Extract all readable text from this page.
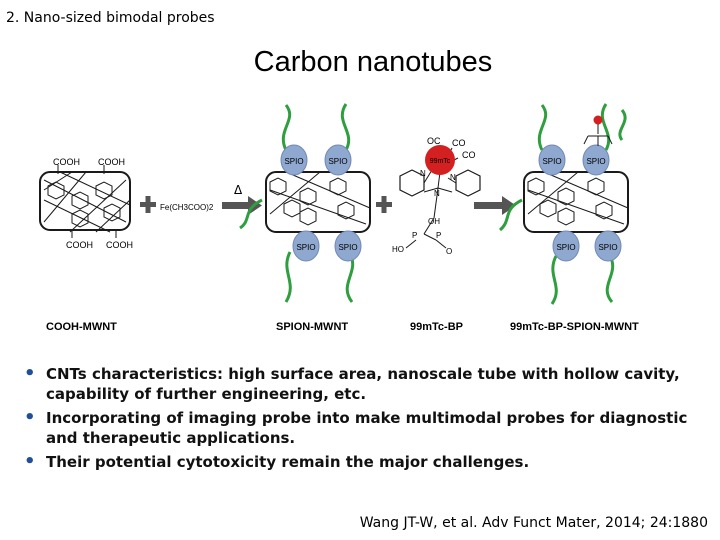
2. Nano-sized bimodal probes
Carbon nanotubes
COOH COOH
COOH COOH
Fe(CH3COO)2
Δ
SPIO	SPIO
SPIO	SPIO
99mTc
OC CO
CO
N	N
N
OH
P P
HO	O
SPIO	SPIO
SPIO	SPIO
COOH-MWNT	SPION-MWNT	99mTc-BP	99mTc-BP-SPION-MWNT
• CNTs characteristics: high surface area, nanoscale tube with hollow cavity, capability of further engineering, etc.
• Incorporating of imaging probe into make multimodal probes for diagnostic and therapeutic applications.
• Their potential cytotoxicity remain the major challenges.
Wang JT-W, et al. Adv Funct Mater, 2014; 24:1880
